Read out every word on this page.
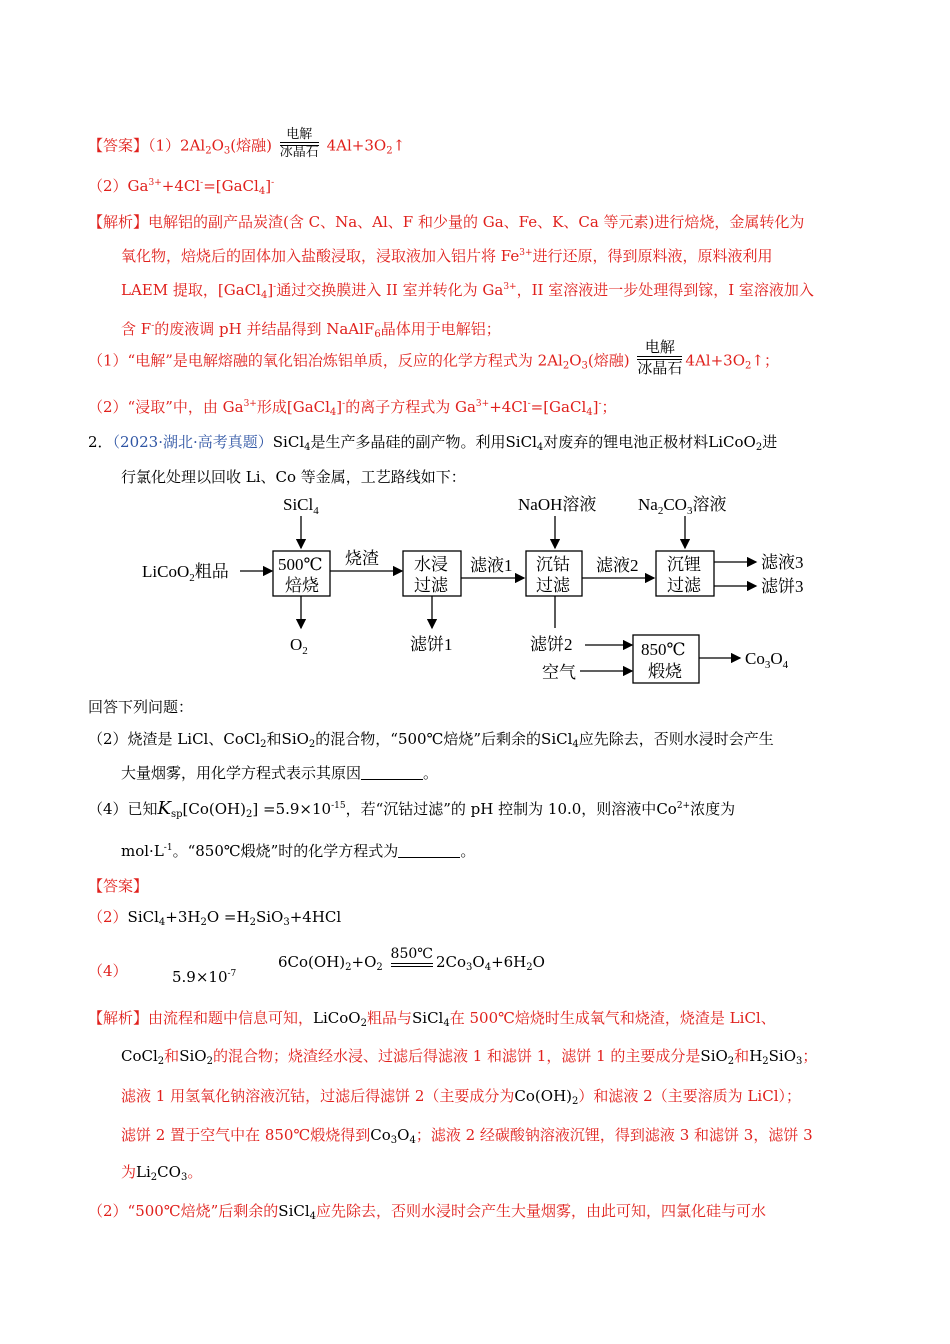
【答案】$(1)2Al_2O_3$(熔融)
电解
冰晶石 $4Al+3O_2↑$
$(2)Ga^{3+}+4Cl^-=[GaCl_4]^-$
【解析】电解铝的副产品炭渣(含 C、Na、Al、F 和少量的 Ga、Fe、K、Ca 等元素)进行焙烧，金属转化为
氧化物，焙烧后的固体加入盐酸浸取，浸取液加入铝片将 $Fe^{3+}$进行还原，得到原料液，原料液利用
LAEM 提取，[GaCl$_4$]-通过交换膜进入 II 室并转化为 $Ga^{3+}$，II 室溶液进一步处理得到镓，I 室溶液加入
含 F-的废液调 pH 并结晶得到 NaAlF$_6$晶体用于电解铝；
（1）“电解”是电解熔融的氧化铝冶炼铝单质，反应的化学方程式为 $2Al_2O_3$(熔融)
电解
冰晶石 $4Al+3O_2↑$；
（2）“浸取”中，由 $Ga^{3+}$形成[GaCl$_4$]-的离子方程式为 $Ga^{3+}+4Cl^-=[GaCl_4]^-$；
2．（2023·湖北·高考真题）SiCl$_4$是生产多晶硅的副产物。利用SiCl$_4$对废弃的锂电池正极材料LiCoO$_2$进
行氯化处理以回收 Li、Co 等金属，工艺路线如下：
SiCl$_4$
LiCoO$_2$粗品	500℃
焙烧
$O_2$
烧渣 水浸
过滤
滤饼1
滤液1
NaOH溶液
沉钴
过滤
滤饼2
空气
850℃
煅烧
$Co_3O_4$
滤液2
$Na_2CO_3$溶液
沉锂
过滤
滤液3
滤饼3
回答下列问题：
（2）烧渣是 LiCl、CoCl$_2$和SiO$_2$的混合物，“500℃焙烧”后剩余的SiCl$_4$应先除去，否则水浸时会产生
大量烟雾，用化学方程式表示其原因	。
（4）已知$K_{sp}[Co(OH)_2] =5.9\times 10^{-15}$，若“沉钴过滤”的 pH 控制为 10.0，则溶液中$Co^{2+}$浓度为
$mol\cdot L^{-1}$。“850℃煅烧”时的化学方程式为	。
【答案】
$(2)SiCl_4+3H_2O =H_2SiO_3+4HCl$
（4）	$5.9\times 10^{-7}$
$6Co(OH)_2+O_2$
850℃ $2Co_3O_4+6H_2O$
【解析】由流程和题中信息可知，LiCoO$_2$粗品与SiCl$_4$在 500℃焙烧时生成氧气和烧渣，烧渣是 LiCl、
CoCl$_2$和SiO$_2$的混合物；烧渣经水浸、过滤后得滤液 1 和滤饼 1，滤饼 1 的主要成分是SiO$_2$和$H_2SiO_3$；
滤液 1 用氢氧化钠溶液沉钴，过滤后得滤饼 2（主要成分为$Co(OH)_2$）和滤液 2（主要溶质为 LiCl）；
滤饼 2 置于空气中在 850℃煅烧得到$Co_3O_4$；滤液 2 经碳酸钠溶液沉锂，得到滤液 3 和滤饼 3，滤饼 3
为$Li_2CO_3$。
（2）“500℃焙烧”后剩余的SiCl$_4$应先除去，否则水浸时会产生大量烟雾，由此可知，四氯化硅与可水
